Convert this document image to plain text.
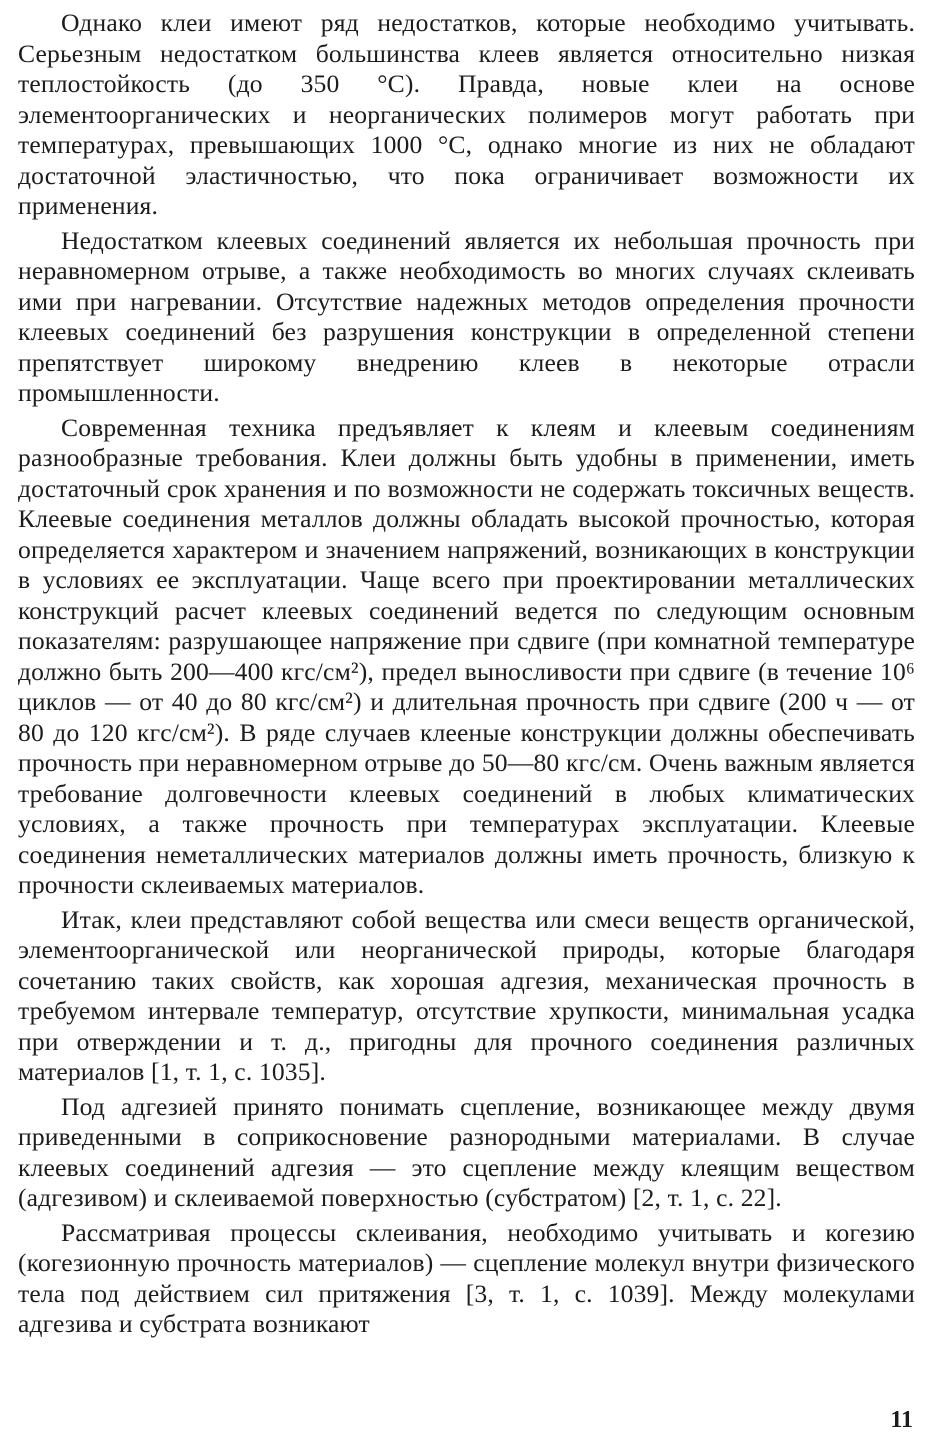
Однако клеи имеют ряд недостатков, которые необходимо учитывать. Серьезным недостатком большинства клеев является относительно низкая теплостойкость (до 350 °С). Правда, новые клеи на основе элементоорганических и неорганических полимеров могут работать при температурах, превышающих 1000 °С, однако многие из них не обладают достаточной эластичностью, что пока ограничивает возможности их применения.

Недостатком клеевых соединений является их небольшая прочность при неравномерном отрыве, а также необходимость во многих случаях склеивать ими при нагревании. Отсутствие надежных методов определения прочности клеевых соединений без разрушения конструкции в определенной степени препятствует широкому внедрению клеев в некоторые отрасли промышленности.

Современная техника предъявляет к клеям и клеевым соединениям разнообразные требования. Клеи должны быть удобны в применении, иметь достаточный срок хранения и по возможности не содержать токсичных веществ. Клеевые соединения металлов должны обладать высокой прочностью, которая определяется характером и значением напряжений, возникающих в конструкции в условиях ее эксплуатации. Чаще всего при проектировании металлических конструкций расчет клеевых соединений ведется по следующим основным показателям: разрушающее напряжение при сдвиге (при комнатной температуре должно быть 200—400 кгс/см²), предел выносливости при сдвиге (в течение 10⁶ циклов — от 40 до 80 кгс/см²) и длительная прочность при сдвиге (200 ч — от 80 до 120 кгс/см²). В ряде случаев клееные конструкции должны обеспечивать прочность при неравномерном отрыве до 50—80 кгс/см. Очень важным является требование долговечности клеевых соединений в любых климатических условиях, а также прочность при температурах эксплуатации. Клеевые соединения неметаллических материалов должны иметь прочность, близкую к прочности склеиваемых материалов.

Итак, клеи представляют собой вещества или смеси веществ органической, элементоорганической или неорганической природы, которые благодаря сочетанию таких свойств, как хорошая адгезия, механическая прочность в требуемом интервале температур, отсутствие хрупкости, минимальная усадка при отверждении и т. д., пригодны для прочного соединения различных материалов [1, т. 1, с. 1035].

Под адгезией принято понимать сцепление, возникающее между двумя приведенными в соприкосновение разнородными материалами. В случае клеевых соединений адгезия — это сцепление между клеящим веществом (адгезивом) и склеиваемой поверхностью (субстратом) [2, т. 1, с. 22].

Рассматривая процессы склеивания, необходимо учитывать и когезию (когезионную прочность материалов) — сцепление молекул внутри физического тела под действием сил притяжения [3, т. 1, с. 1039]. Между молекулами адгезива и субстрата возникают

11
